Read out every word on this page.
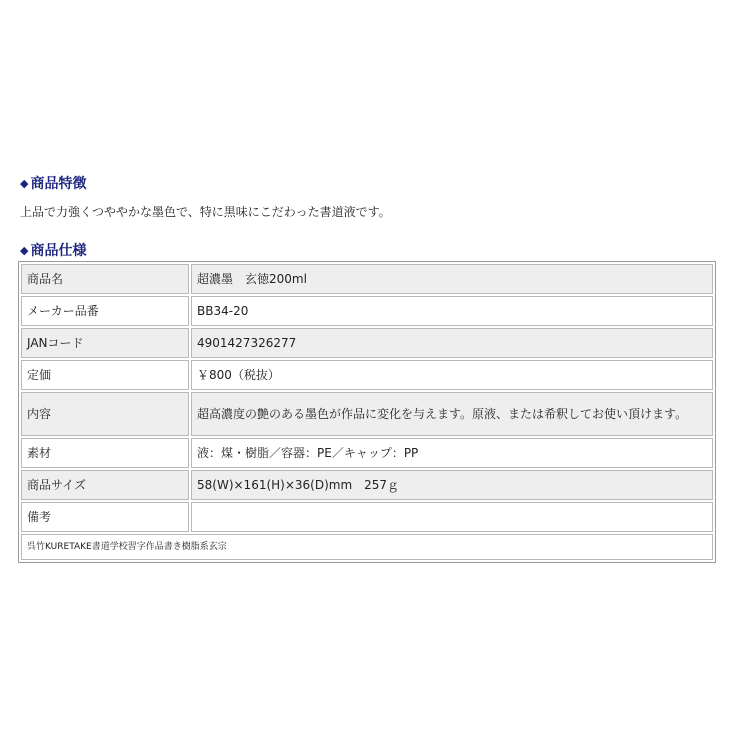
◆ 商品特徴

上品で力強くつややかな墨色で、特に黒味にこだわった書道液です。

◆ 商品仕様
商品名	超濃墨　玄徳200ml
メーカー品番	BB34-20
JANコード	4901427326277
定価	￥800（税抜）
内容	超高濃度の艶のある墨色が作品に変化を与えます。原液、または希釈してお使い頂けます。
素材	液：煤・樹脂／容器：PE／キャップ：PP
商品サイズ	58(W)×161(H)×36(D)mm　257ｇ
備考	
呉竹KURETAKE書道学校習字作品書き樹脂系玄宗	
